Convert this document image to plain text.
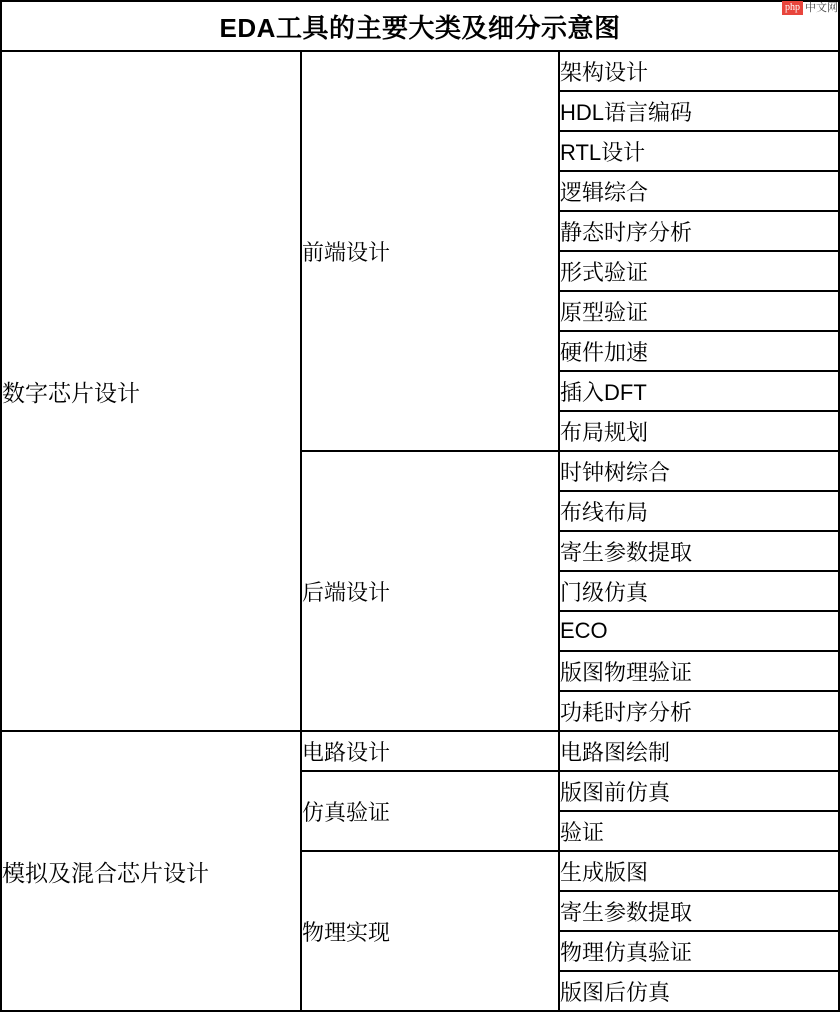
php 中文网
EDA工具的主要大类及细分示意图		
数字芯片设计	前端设计	架构设计
		HDL语言编码
		RTL设计
		逻辑综合
		静态时序分析
		形式验证
		原型验证
		硬件加速
		插入DFT
		布局规划
	后端设计	时钟树综合
		布线布局
		寄生参数提取
		门级仿真
		ECO
		版图物理验证
		功耗时序分析
模拟及混合芯片设计	电路设计	电路图绘制
	仿真验证	版图前仿真
		验证
	物理实现	生成版图
		寄生参数提取
		物理仿真验证
		版图后仿真
